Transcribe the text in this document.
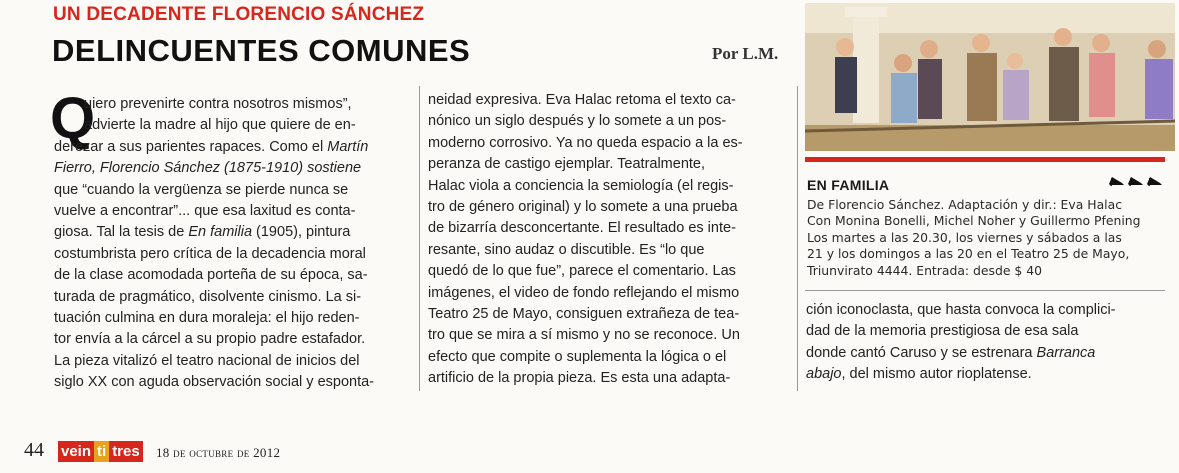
UN DECADENTE FLORENCIO SÁNCHEZ
DELINCUENTES COMUNES	Por L.M.
Q
uiero prevenirte contra nosotros mismos”,
advierte la madre al hijo que quiere de en-
derezar a sus parientes rapaces. Como el Martín
Fierro, Florencio Sánchez (1875-1910) sostiene
que “cuando la vergüenza se pierde nunca se
vuelve a encontrar”... que esa laxitud es conta-
giosa. Tal la tesis de En familia (1905), pintura
costumbrista pero crítica de la decadencia moral
de la clase acomodada porteña de su época, sa-
turada de pragmático, disolvente cinismo. La si-
tuación culmina en dura moraleja: el hijo reden-
tor envía a la cárcel a su propio padre estafador.
La pieza vitalizó el teatro nacional de inicios del
siglo XX con aguda observación social y esponta-
neidad expresiva. Eva Halac retoma el texto ca-
nónico un siglo después y lo somete a un pos-
moderno corrosivo. Ya no queda espacio a la es-
peranza de castigo ejemplar. Teatralmente,
Halac viola a conciencia la semiología (el regis-
tro de género original) y lo somete a una prueba
de bizarría desconcertante. El resultado es inte-
resante, sino audaz o discutible. Es “lo que
quedó de lo que fue”, parece el comentario. Las
imágenes, el video de fondo reflejando el mismo
Teatro 25 de Mayo, consiguen extrañeza de tea-
tro que se mira a sí mismo y no se reconoce. Un
efecto que compite o suplementa la lógica o el
artificio de la propia pieza. Es esta una adapta-
EN FAMILIA
De Florencio Sánchez. Adaptación y dir.: Eva Halac
Con Monina Bonelli, Michel Noher y Guillermo Pfening
Los martes a las 20.30, los viernes y sábados a las
21 y los domingos a las 20 en el Teatro 25 de Mayo,
Triunvirato 4444. Entrada: desde $ 40
ción iconoclasta, que hasta convoca la complici-
dad de la memoria prestigiosa de esa sala
donde cantó Caruso y se estrenara Barranca
abajo, del mismo autor rioplatense.
44 vein ti tres 18 de octubre de 2012
